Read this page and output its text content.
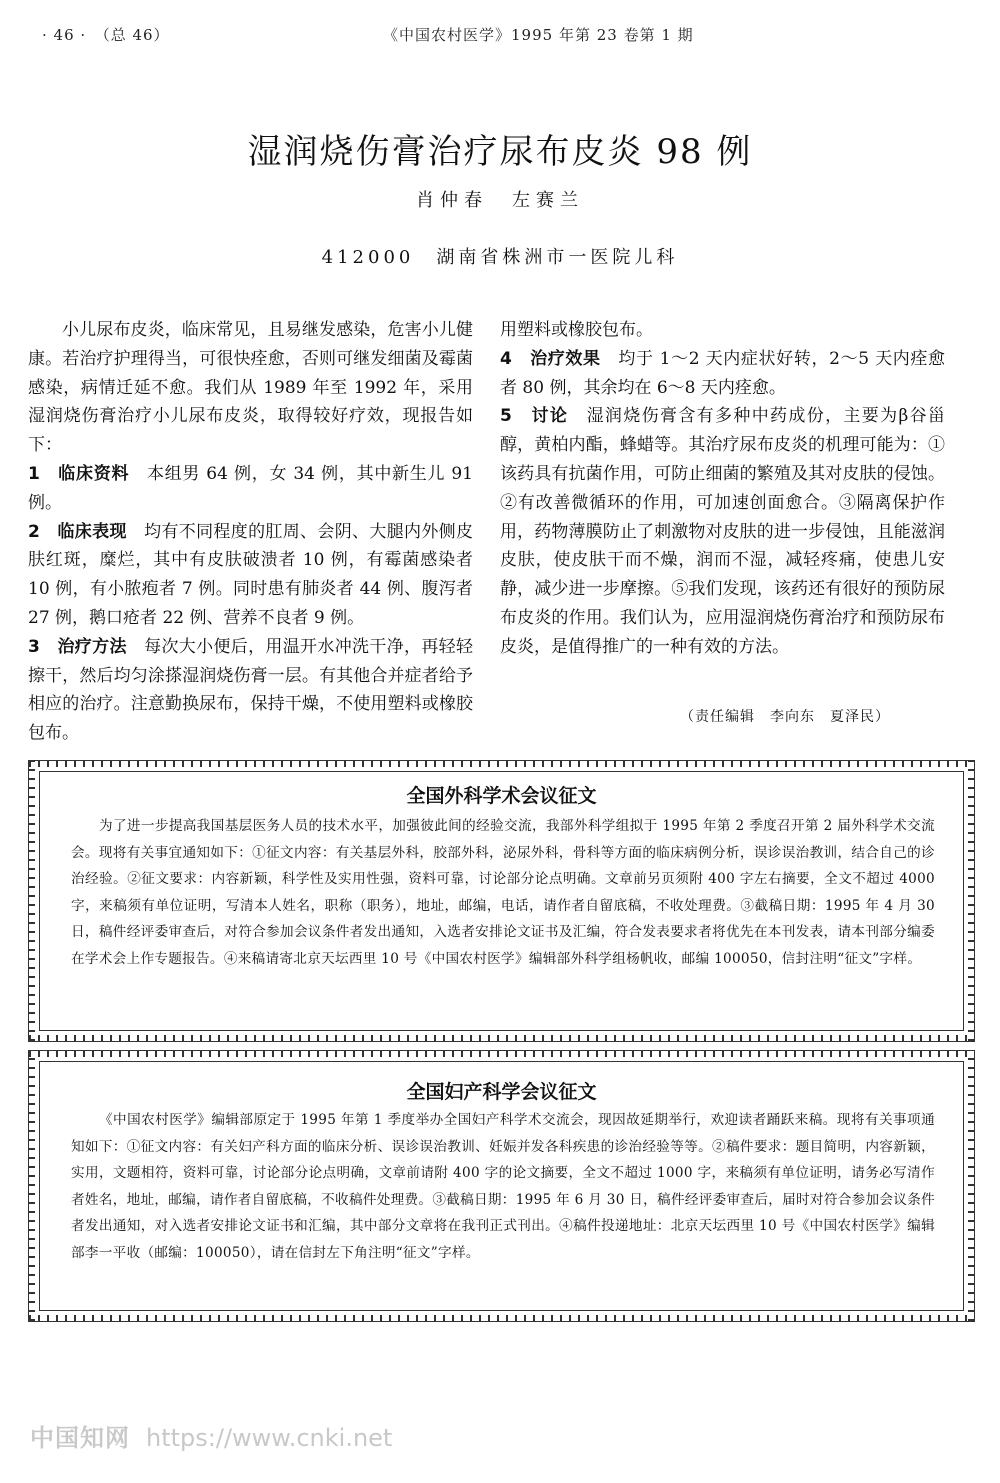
· 46 ·　 （总 46）	《中国农村医学》1995 年第 23 卷第 1 期
湿润烧伤膏治疗尿布皮炎 98 例
肖仲春　左赛兰
412000　湖南省株洲市一医院儿科

小儿尿布皮炎，临床常见，且易继发感染，危害小儿健康。若治疗护理得当，可很快痊愈，否则可继发细菌及霉菌感染，病情迁延不愈。我们从 1989 年至 1992 年，采用湿润烧伤膏治疗小儿尿布皮炎，取得较好疗效，现报告如下：

1　临床资料　 本组男 64 例，女 34 例，其中新生儿 91 例。

2　临床表现　 均有不同程度的肛周、会阴、大腿内外侧皮肤红斑，糜烂，其中有皮肤破溃者 10 例，有霉菌感染者 10 例，有小脓疱者 7 例。同时患有肺炎者 44 例、腹泻者 27 例，鹅口疮者 22 例、营养不良者 9 例。

3　治疗方法　 每次大小便后，用温开水冲洗干净，再轻轻擦干，然后均匀涂搽湿润烧伤膏一层。有其他合并症者给予相应的治疗。注意勤换尿布，保持干燥，不使用塑料或橡胶包布。

用塑料或橡胶包布。

4　治疗效果　 均于 1～2 天内症状好转，2～5 天内痊愈者 80 例，其余均在 6～8 天内痊愈。

5　讨论　 湿润烧伤膏含有多种中药成份，主要为β谷甾醇，黄柏内酯，蜂蜡等。其治疗尿布皮炎的机理可能为：①该药具有抗菌作用，可防止细菌的繁殖及其对皮肤的侵蚀。②有改善微循环的作用，可加速创面愈合。③隔离保护作用，药物薄膜防止了刺激物对皮肤的进一步侵蚀，且能滋润皮肤，使皮肤干而不燥，润而不湿，减轻疼痛，使患儿安静，减少进一步摩擦。⑤我们发现，该药还有很好的预防尿布皮炎的作用。我们认为，应用湿润烧伤膏治疗和预防尿布皮炎，是值得推广的一种有效的方法。

（责任编辑　李向东　夏泽民）
全国外科学术会议征文
为了进一步提高我国基层医务人员的技术水平，加强彼此间的经验交流，我部外科学组拟于 1995 年第 2 季度召开第 2 届外科学术交流会。现将有关事宜通知如下：①征文内容：有关基层外科，胶部外科，泌尿外科，骨科等方面的临床病例分析，误诊误治教训，结合自己的诊治经验。②征文要求：内容新颖，科学性及实用性强，资料可靠，讨论部分论点明确。文章前另页须附 400 字左右摘要，全文不超过 4000 字，来稿须有单位证明，写清本人姓名，职称（职务），地址，邮编，电话，请作者自留底稿，不收处理费。③截稿日期：1995 年 4 月 30 日，稿件经评委审查后，对符合参加会议条件者发出通知，入选者安排论文证书及汇编，符合发表要求者将优先在本刊发表，请本刊部分编委在学术会上作专题报告。④来稿请寄北京天坛西里 10 号《中国农村医学》编辑部外科学组杨帆收，邮编 100050，信封注明“征文”字样。
全国妇产科学会议征文
《中国农村医学》编辑部原定于 1995 年第 1 季度举办全国妇产科学术交流会，现因故延期举行，欢迎读者踊跃来稿。现将有关事项通知如下：①征文内容：有关妇产科方面的临床分析、误诊误治教训、妊娠并发各科疾患的诊治经验等等。②稿件要求：题目简明，内容新颖，实用，文题相符，资料可靠，讨论部分论点明确，文章前请附 400 字的论文摘要，全文不超过 1000 字，来稿须有单位证明，请务必写清作者姓名，地址，邮编，请作者自留底稿，不收稿件处理费。③截稿日期：1995 年 6 月 30 日，稿件经评委审查后，届时对符合参加会议条件者发出通知，对入选者安排论文证书和汇编，其中部分文章将在我刊正式刊出。④稿件投递地址：北京天坛西里 10 号《中国农村医学》编辑部李一平收（邮编：100050），请在信封左下角注明“征文”字样。
中国知网 https://www.cnki.net
